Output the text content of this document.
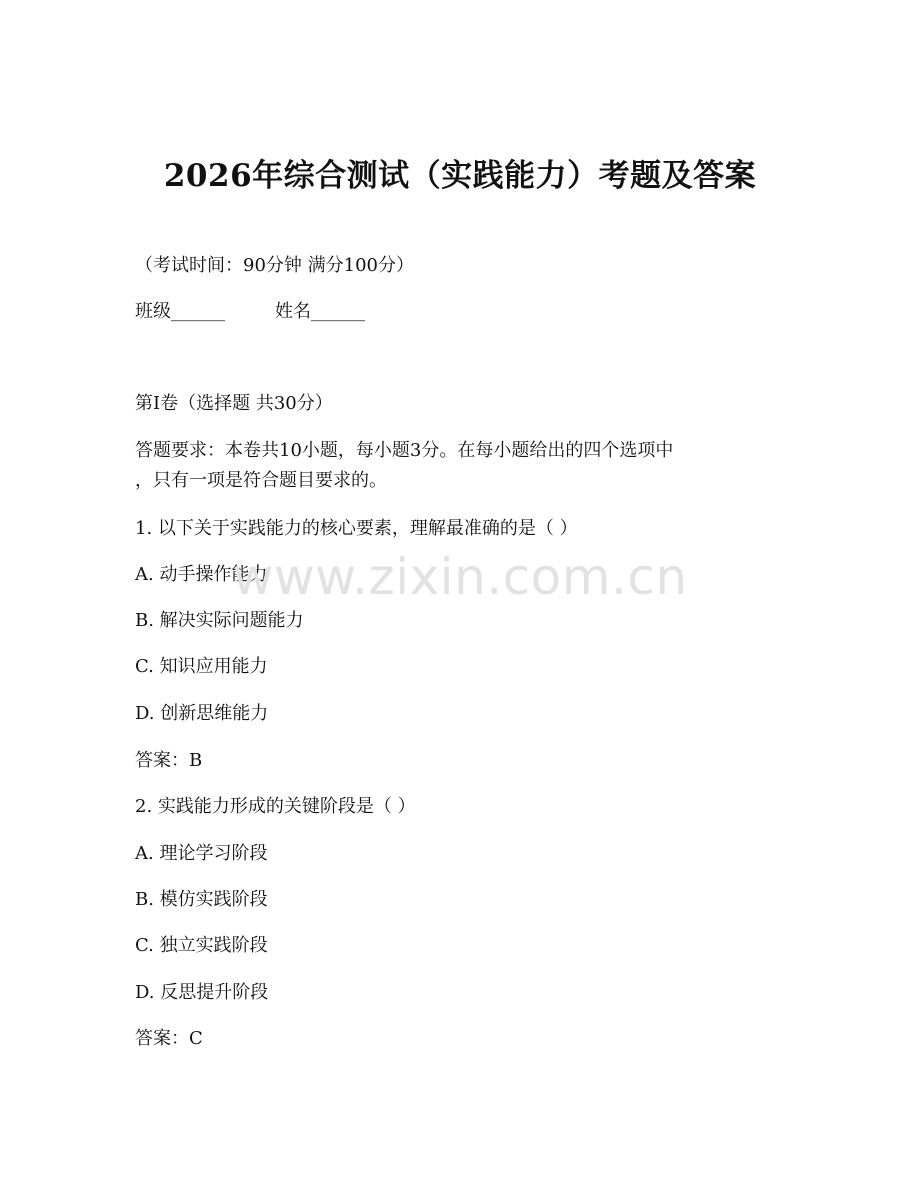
2026年综合测试（实践能力）考题及答案
（考试时间：90分钟 满分100分）
班级______	姓名______
第I卷（选择题 共30分）
答题要求：本卷共10小题，每小题3分。在每小题给出的四个选项中
，只有一项是符合题目要求的。
1. 以下关于实践能力的核心要素，理解最准确的是（ ）
A. 动手操作能力
B. 解决实际问题能力
C. 知识应用能力
D. 创新思维能力
答案：B
2. 实践能力形成的关键阶段是（ ）
A. 理论学习阶段
B. 模仿实践阶段
C. 独立实践阶段
D. 反思提升阶段
答案：C
www.zixin.com.cn
